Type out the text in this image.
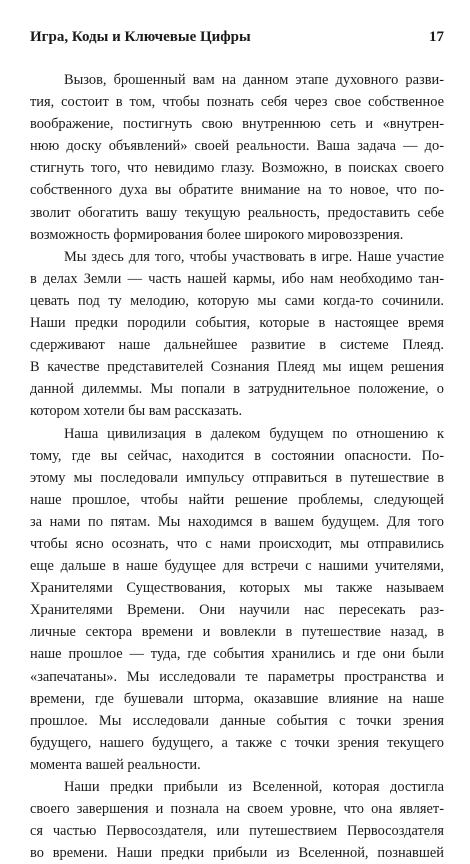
Игра, Коды и Ключевые Цифры	17
Вызов, брошенный вам на данном этапе духовного разви-
тия, состоит в том, чтобы познать себя через свое собственное
воображение, постигнуть свою внутреннюю сеть и «внутрен-
нюю доску объявлений» своей реальности. Ваша задача — до-
стигнуть того, что невидимо глазу. Возможно, в поисках своего
собственного духа вы обратите внимание на то новое, что по-
зволит обогатить вашу текущую реальность, предоставить себе
возможность формирования более широкого мировоззрения.
Мы здесь для того, чтобы участвовать в игре. Наше участие
в делах Земли — часть нашей кармы, ибо нам необходимо тан-
цевать под ту мелодию, которую мы сами когда-то сочинили.
Наши предки породили события, которые в настоящее время
сдерживают наше дальнейшее развитие в системе Плеяд.
В качестве представителей Сознания Плеяд мы ищем решения
данной дилеммы. Мы попали в затруднительное положение, о
котором хотели бы вам рассказать.
Наша цивилизация в далеком будущем по отношению к
тому, где вы сейчас, находится в состоянии опасности. По-
этому мы последовали импульсу отправиться в путешествие в
наше прошлое, чтобы найти решение проблемы, следующей
за нами по пятам. Мы находимся в вашем будущем. Для того
чтобы ясно осознать, что с нами происходит, мы отправились
еще дальше в наше будущее для встречи с нашими учителями,
Хранителями Существования, которых мы также называем
Хранителями Времени. Они научили нас пересекать раз-
личные сектора времени и вовлекли в путешествие назад, в
наше прошлое — туда, где события хранились и где они были
«запечатаны». Мы исследовали те параметры пространства и
времени, где бушевали шторма, оказавшие влияние на наше
прошлое. Мы исследовали данные события с точки зрения
будущего, нашего будущего, а также с точки зрения текущего
момента вашей реальности.
Наши предки прибыли из Вселенной, которая достигла
своего завершения и познала на своем уровне, что она являет-
ся частью Первосоздателя, или путешествием Первосоздателя
во времени. Наши предки прибыли из Вселенной, познавшей
